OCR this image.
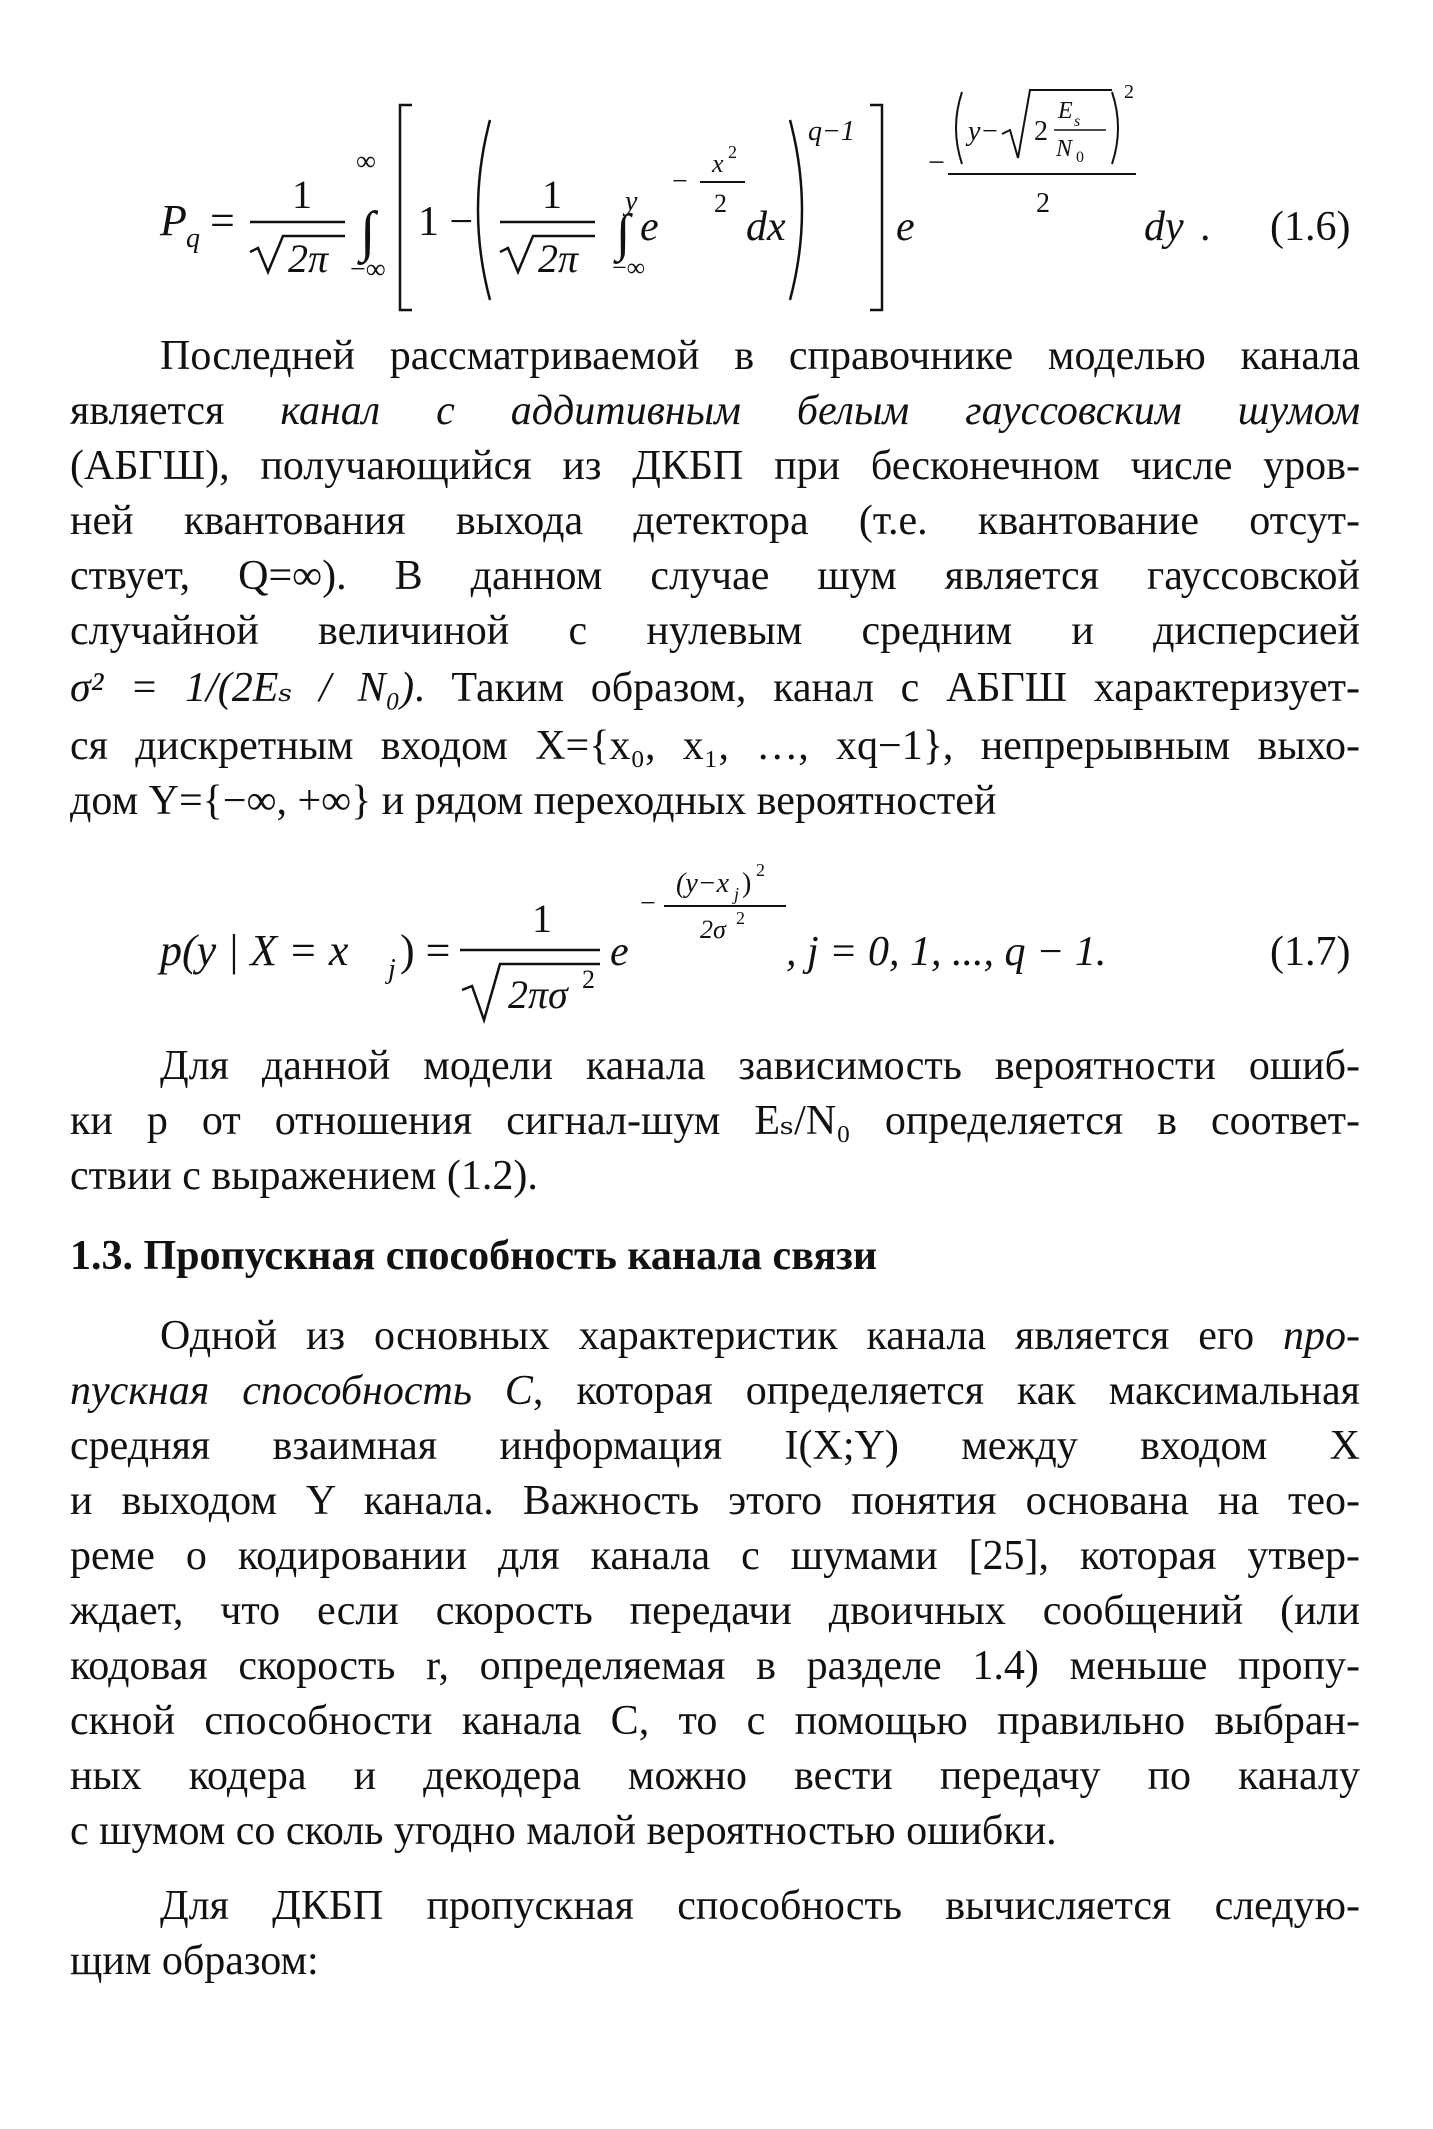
P q =
1
2π
∞
∫
−∞
1 −
1
2π
y
∫
−∞
e
−
x 2
2
dx
q−1
e
−
y− 2
E s
N 0
2
2
dy . (1.6)
Последней рассматриваемой в справочнике моделью канала
является канал с аддитивным белым гауссовским шумом
(АБГШ), получающийся из ДКБП при бесконечном числе уров-
ней квантования выхода детектора (т.е. квантование отсут-
ствует, Q=∞). В данном случае шум является гауссовской
случайной величиной с нулевым средним и дисперсией
σ² = 1/(2Eₛ / N₀). Таким образом, канал с АБГШ характеризует-
ся дискретным входом X={x₀, x₁, …, xq−1}, непрерывным выхо-
дом Y={−∞, +∞} и рядом переходных вероятностей
p(y | X = x j ) =
1
2πσ 2
e
−
(y−x j ) 2
2σ 2
, j = 0, 1, ..., q − 1.	(1.7)
Для данной модели канала зависимость вероятности ошиб-
ки p от отношения сигнал-шум Eₛ/N₀ определяется в соответ-
ствии с выражением (1.2).
1.3. Пропускная способность канала связи
Одной из основных характеристик канала является его про-
пускная способность C, которая определяется как максимальная
средняя взаимная информация I(X;Y) между входом X
и выходом Y канала. Важность этого понятия основана на тео-
реме о кодировании для канала с шумами [25], которая утвер-
ждает, что если скорость передачи двоичных сообщений (или
кодовая скорость r, определяемая в разделе 1.4) меньше пропу-
скной способности канала C, то с помощью правильно выбран-
ных кодера и декодера можно вести передачу по каналу
с шумом со сколь угодно малой вероятностью ошибки.
Для ДКБП пропускная способность вычисляется следую-
щим образом:
